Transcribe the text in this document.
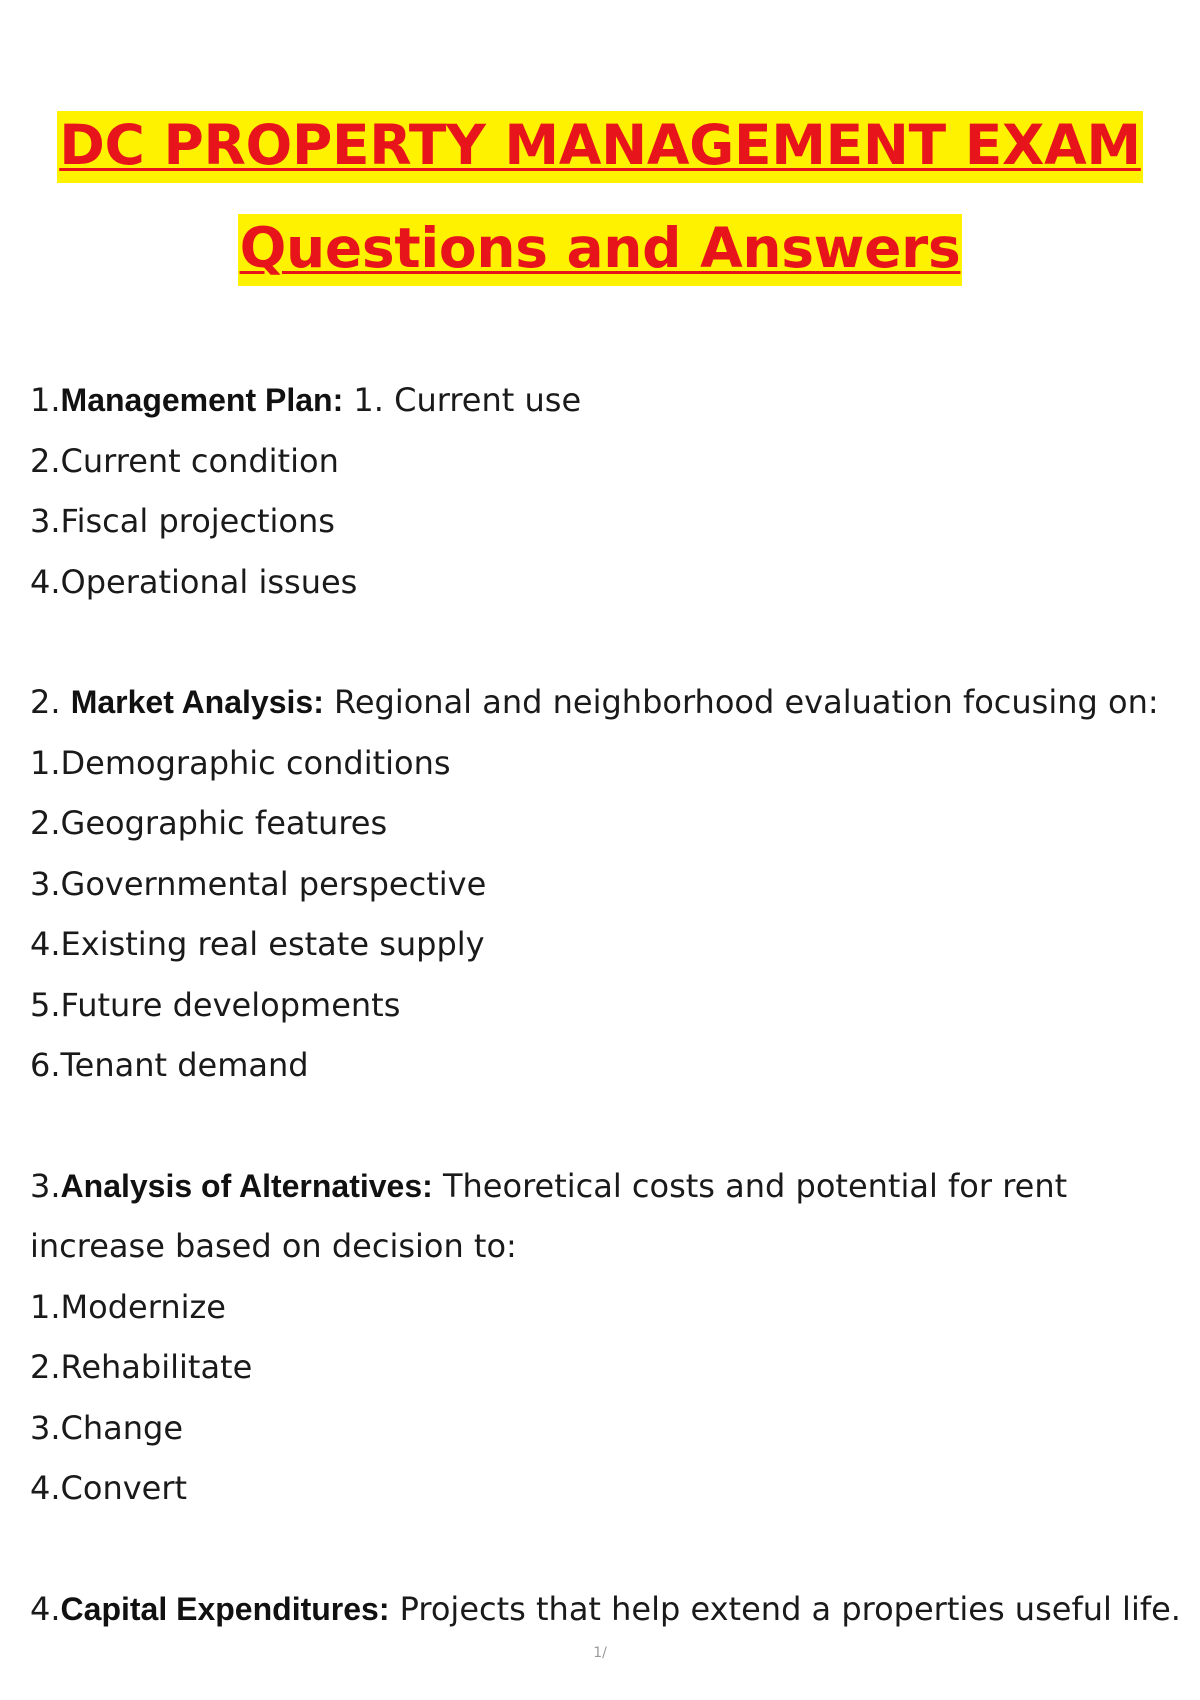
DC PROPERTY MANAGEMENT EXAM
Questions and Answers
1.Management Plan: 1. Current use
2.Current condition
3.Fiscal projections
4.Operational issues
2. Market Analysis: Regional and neighborhood evaluation focusing on:
1.Demographic conditions
2.Geographic features
3.Governmental perspective
4.Existing real estate supply
5.Future developments
6.Tenant demand
3.Analysis of Alternatives: Theoretical costs and potential for rent
increase based on decision to:
1.Modernize
2.Rehabilitate
3.Change
4.Convert
4.Capital Expenditures: Projects that help extend a properties useful life.
1/
